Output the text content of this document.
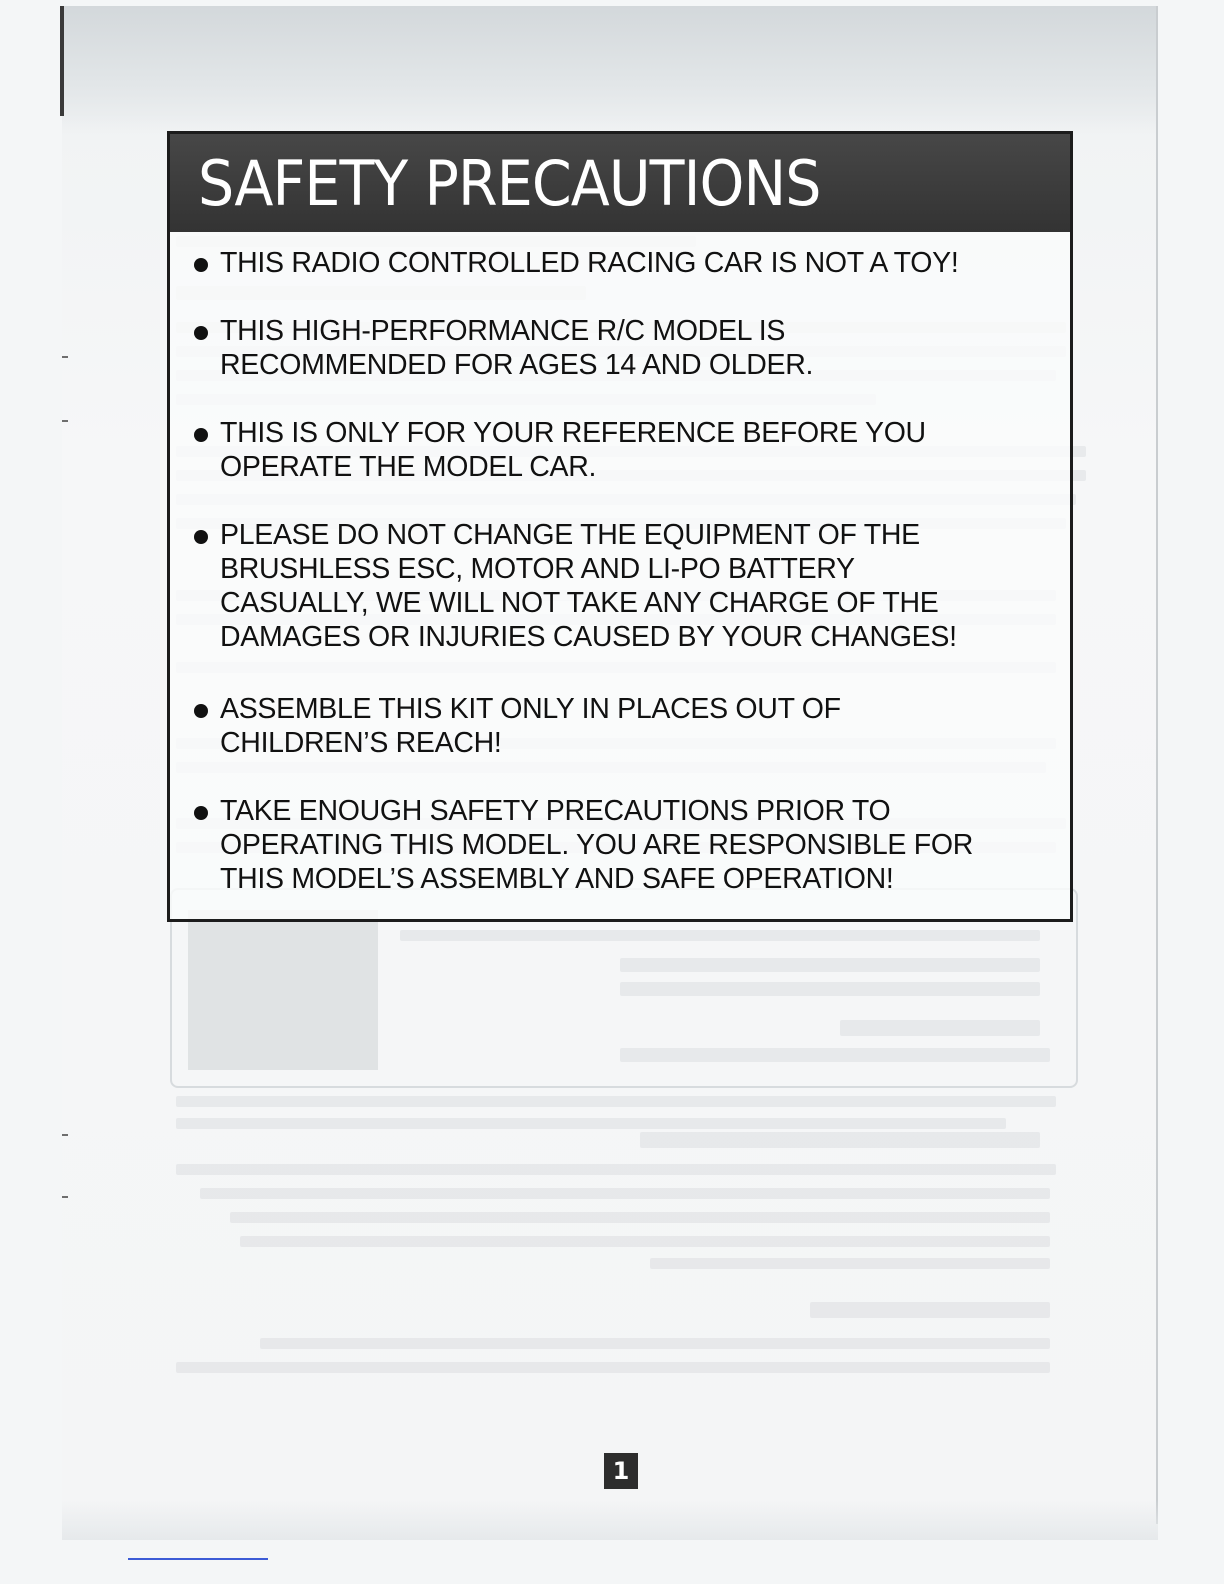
SAFETY PRECAUTIONS
THIS RADIO CONTROLLED RACING CAR IS NOT A TOY!
THIS HIGH-PERFORMANCE R/C MODEL IS
RECOMMENDED FOR AGES 14 AND OLDER.
THIS IS ONLY FOR YOUR REFERENCE BEFORE YOU
OPERATE THE MODEL CAR.
PLEASE DO NOT CHANGE THE EQUIPMENT OF THE
BRUSHLESS ESC, MOTOR AND LI-PO BATTERY
CASUALLY, WE WILL NOT TAKE ANY CHARGE OF THE
DAMAGES OR INJURIES CAUSED BY YOUR CHANGES!
ASSEMBLE THIS KIT ONLY IN PLACES OUT OF
CHILDREN’S REACH!
TAKE ENOUGH SAFETY PRECAUTIONS PRIOR TO
OPERATING THIS MODEL. YOU ARE RESPONSIBLE FOR
THIS MODEL’S ASSEMBLY AND SAFE OPERATION!
1
